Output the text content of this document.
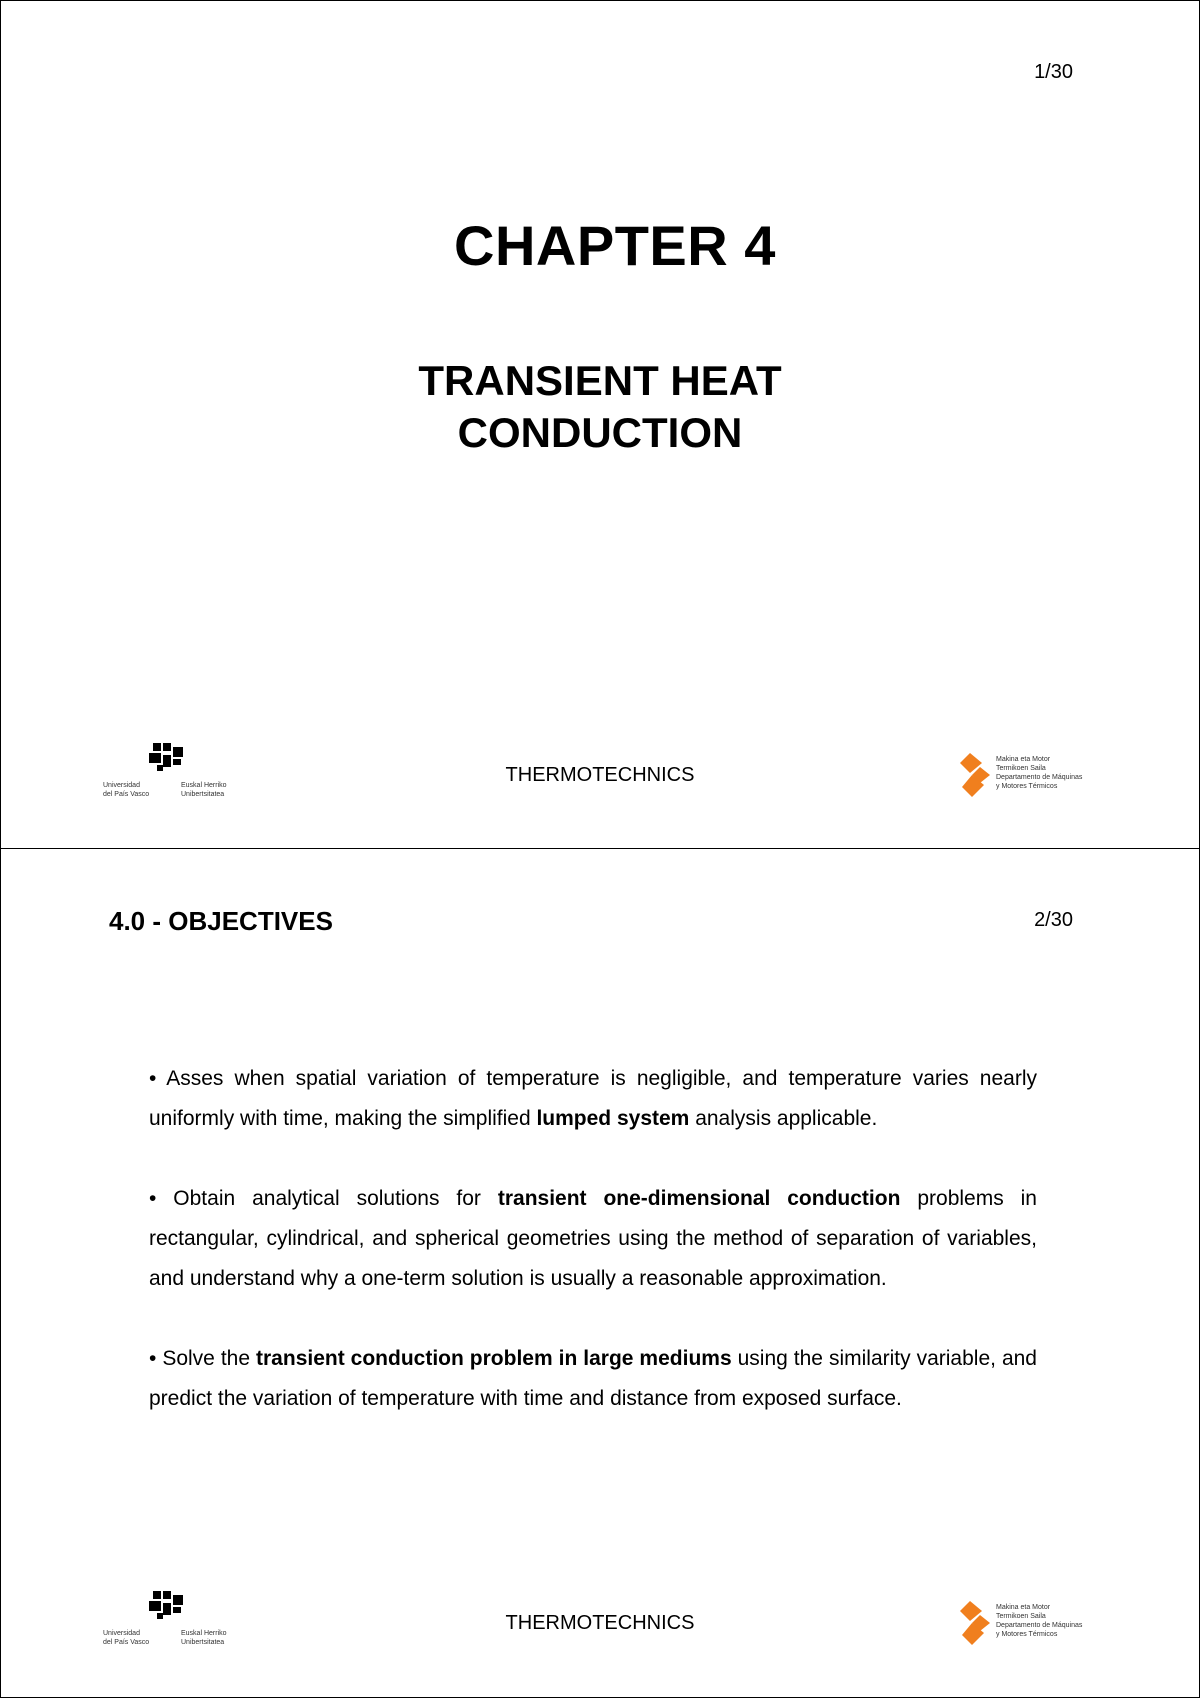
1/30
CHAPTER 4
TRANSIENT HEAT
CONDUCTION
Universidad
del País Vasco
Euskal Herriko
Unibertsitatea
THERMOTECHNICS
Makina eta Motor
Termikoen Saila
Departamento de Máquinas
y Motores Térmicos
4.0 - OBJECTIVES	2/30

• Asses when spatial variation of temperature is negligible, and temperature varies nearly uniformly with time, making the simplified lumped system analysis applicable.

• Obtain analytical solutions for transient one-dimensional conduction problems in rectangular, cylindrical, and spherical geometries using the method of separation of variables, and understand why a one-term solution is usually a reasonable approximation.

• Solve the transient conduction problem in large mediums using the similarity variable, and predict the variation of temperature with time and distance from exposed surface.

Universidad
del País Vasco
Euskal Herriko
Unibertsitatea
THERMOTECHNICS
Makina eta Motor
Termikoen Saila
Departamento de Máquinas
y Motores Térmicos
